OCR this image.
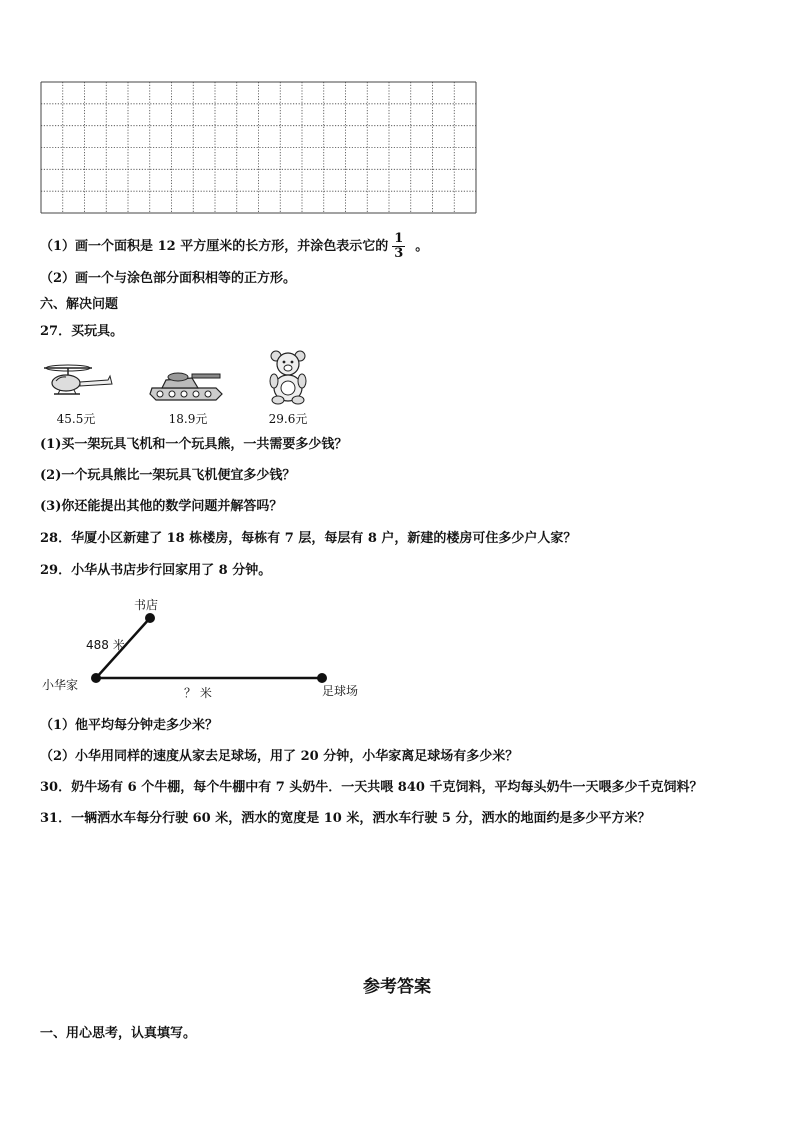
（1）画一个面积是 12 平方厘米的长方形，并涂色表示它的 $\frac{1}{3}$ 。
（2）画一个与涂色部分面积相等的正方形。
六、解决问题
27．买玩具。
45.5元	18.9元	29.6元
(1)买一架玩具飞机和一个玩具熊，一共需要多少钱？
(2)一个玩具熊比一架玩具飞机便宜多少钱？
(3)你还能提出其他的数学问题并解答吗？
28．华厦小区新建了 18 栋楼房，每栋有 7 层，每层有 8 户，新建的楼房可住多少户人家？
29．小华从书店步行回家用了 8 分钟。
书店
488 米
小华家
？ 米	足球场
（1）他平均每分钟走多少米？
（2）小华用同样的速度从家去足球场，用了 20 分钟，小华家离足球场有多少米？
30．奶牛场有 6 个牛棚，每个牛棚中有 7 头奶牛．一天共喂 840 千克饲料，平均每头奶牛一天喂多少千克饲料？
31．一辆洒水车每分行驶 60 米，洒水的宽度是 10 米，洒水车行驶 5 分，洒水的地面约是多少平方米？
参考答案
一、用心思考，认真填写。
